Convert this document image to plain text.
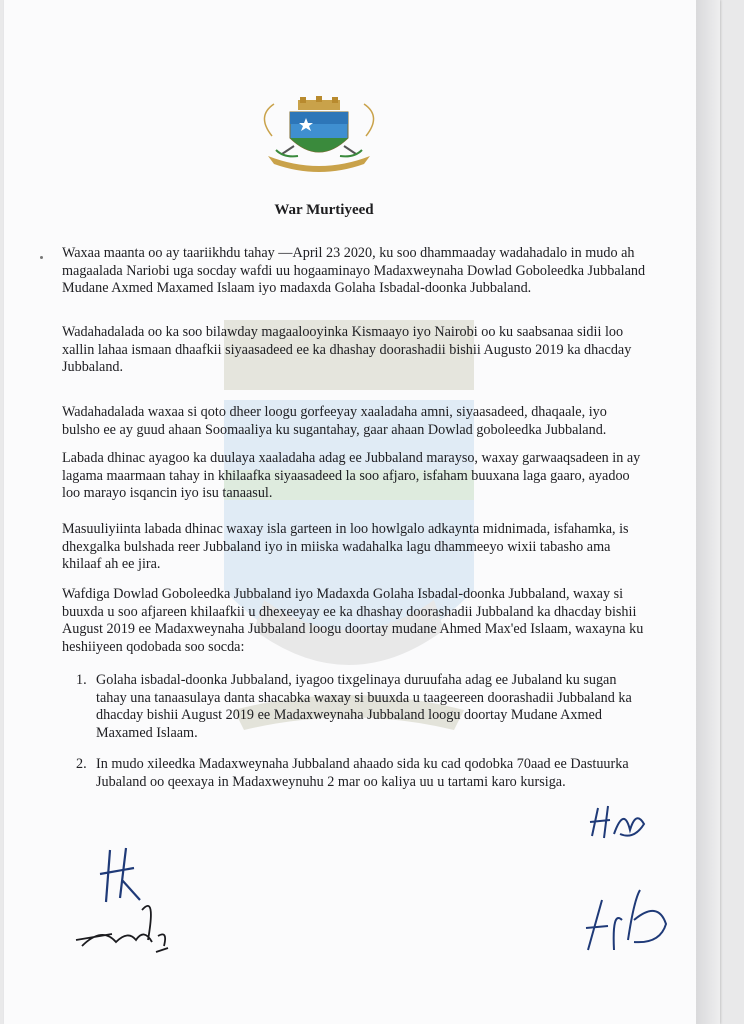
War Murtiyeed

Waxaa maanta oo ay taariikhdu tahay —April 23 2020, ku soo dhammaaday wadahadalo in mudo ah magaalada Nariobi uga socday wafdi uu hogaaminayo Madaxweynaha Dowlad Goboleedka Jubbaland Mudane Axmed Maxamed Islaam iyo madaxda Golaha Isbadal-doonka Jubbaland.

Wadahadalada oo ka soo bilawday magaalooyinka Kismaayo iyo Nairobi oo ku saabsanaa sidii loo xallin lahaa ismaan dhaafkii siyaasadeed ee ka dhashay doorashadii bishii Augusto 2019 ka dhacday Jubbaland.

Wadahadalada waxaa si qoto dheer loogu gorfeeyay xaaladaha amni, siyaasadeed, dhaqaale, iyo bulsho ee ay guud ahaan Soomaaliya ku sugantahay, gaar ahaan Dowlad goboleedka Jubbaland.

Labada dhinac ayagoo ka duulaya xaaladaha adag ee Jubbaland marayso, waxay garwaaqsadeen in ay lagama maarmaan tahay in khilaafka siyaasadeed la soo afjaro, isfaham buuxana laga gaaro, ayadoo loo marayo isqancin iyo isu tanaasul.

Masuuliyiinta labada dhinac waxay isla garteen in loo howlgalo adkaynta midnimada, isfahamka, is dhexgalka bulshada reer Jubbaland iyo in miiska wadahalka lagu dhammeeyo wixii tabasho ama khilaaf ah ee jira.

Wafdiga Dowlad Goboleedka Jubbaland iyo Madaxda Golaha Isbadal-doonka Jubbaland, waxay si buuxda u soo afjareen khilaafkii u dhexeeyay ee ka dhashay doorashadii Jubbaland ka dhacday bishii August 2019 ee Madaxweynaha Jubbaland loogu doortay mudane Ahmed Max'ed Islaam, waxayna ku heshiiyeen qodobada soo socda:

1. Golaha isbadal-doonka Jubbaland, iyagoo tixgelinaya duruufaha adag ee Jubaland ku sugan tahay una tanaasulaya danta shacabka waxay si buuxda u taageereen doorashadii Jubbaland ka dhacday bishii August 2019 ee Madaxweynaha Jubbaland loogu doortay Mudane Axmed Maxamed Islaam.
2. In mudo xileedka Madaxweynaha Jubbaland ahaado sida ku cad qodobka 70aad ee Dastuurka Jubaland oo qeexaya in Madaxweynuhu 2 mar oo kaliya uu u tartami karo kursiga.
